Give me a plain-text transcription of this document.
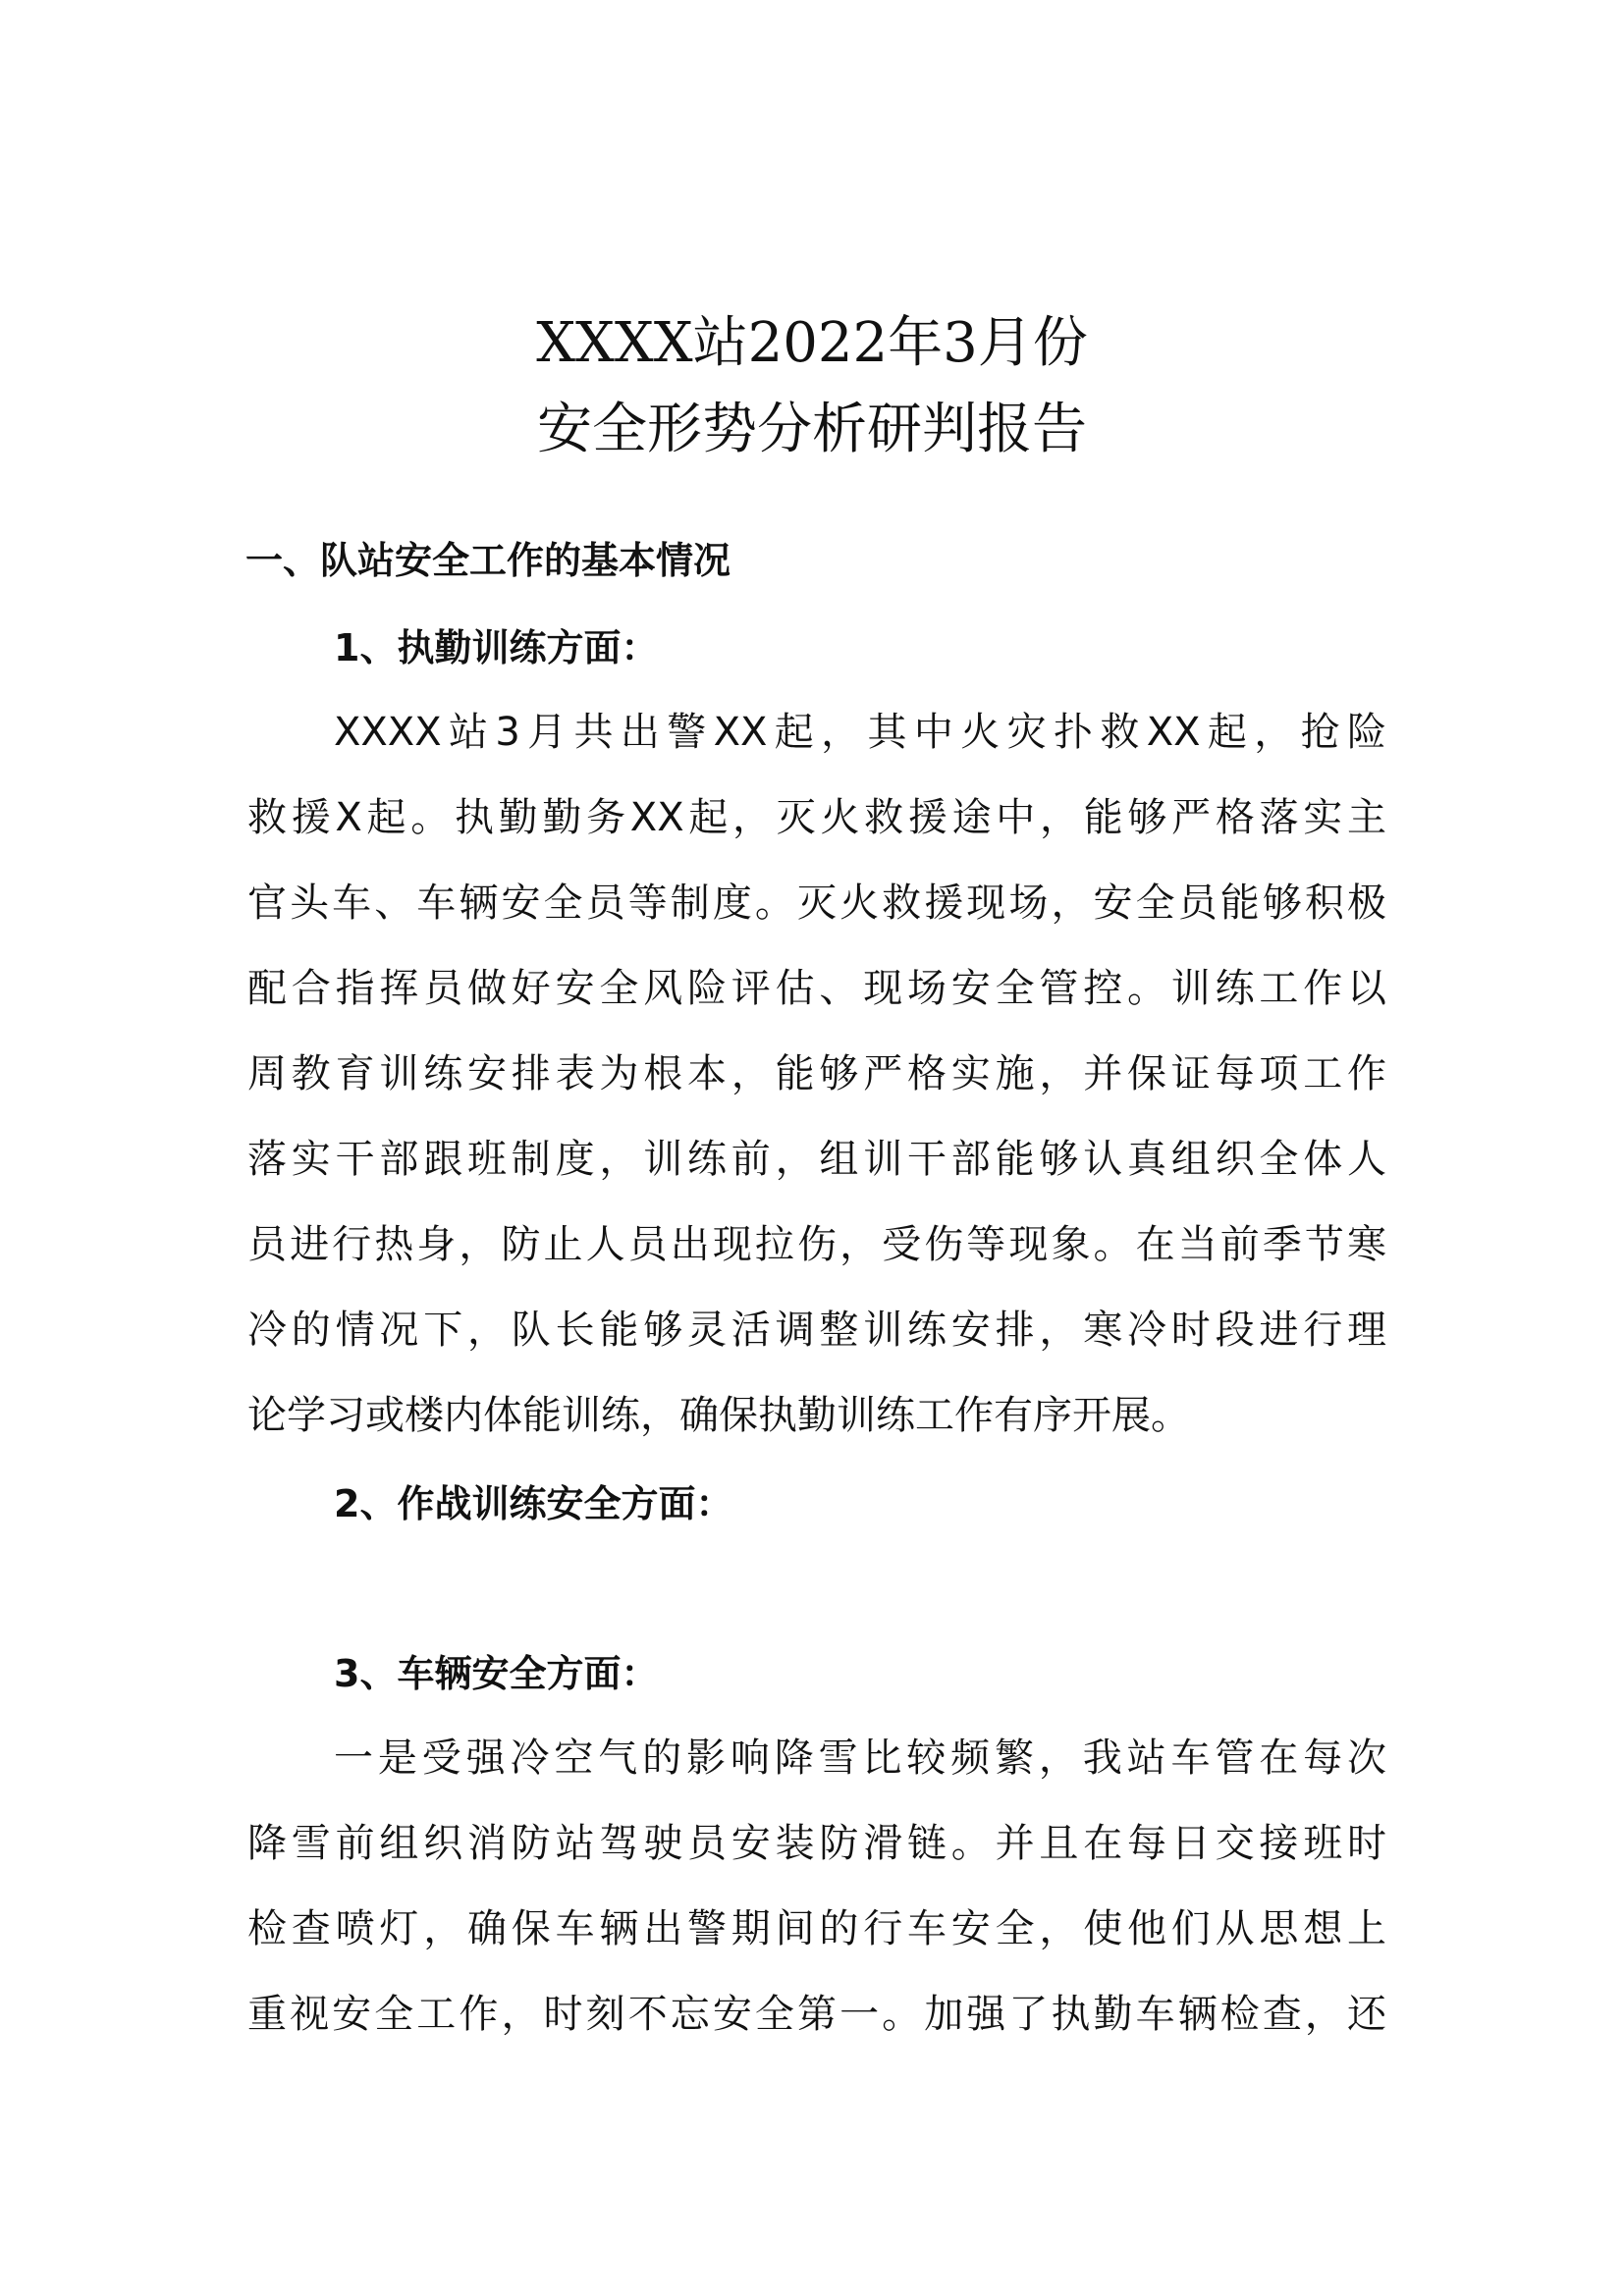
XXXX站2022年3月份
安全形势分析研判报告
一、队站安全工作的基本情况
1、执勤训练方面：
XXXX站3月共出警XX起，其中火灾扑救XX起，抢险
救援X起。执勤勤务XX起，灭火救援途中，能够严格落实主
官头车、车辆安全员等制度。灭火救援现场，安全员能够积极
配合指挥员做好安全风险评估、现场安全管控。训练工作以
周教育训练安排表为根本，能够严格实施，并保证每项工作
落实干部跟班制度，训练前，组训干部能够认真组织全体人
员进行热身，防止人员出现拉伤，受伤等现象。在当前季节寒
冷的情况下，队长能够灵活调整训练安排，寒冷时段进行理
论学习或楼内体能训练，确保执勤训练工作有序开展。
2、作战训练安全方面：
3、车辆安全方面：
一是受强冷空气的影响降雪比较频繁，我站车管在每次
降雪前组织消防站驾驶员安装防滑链。并且在每日交接班时
检查喷灯，确保车辆出警期间的行车安全，使他们从思想上
重视安全工作，时刻不忘安全第一。加强了执勤车辆检查，还
